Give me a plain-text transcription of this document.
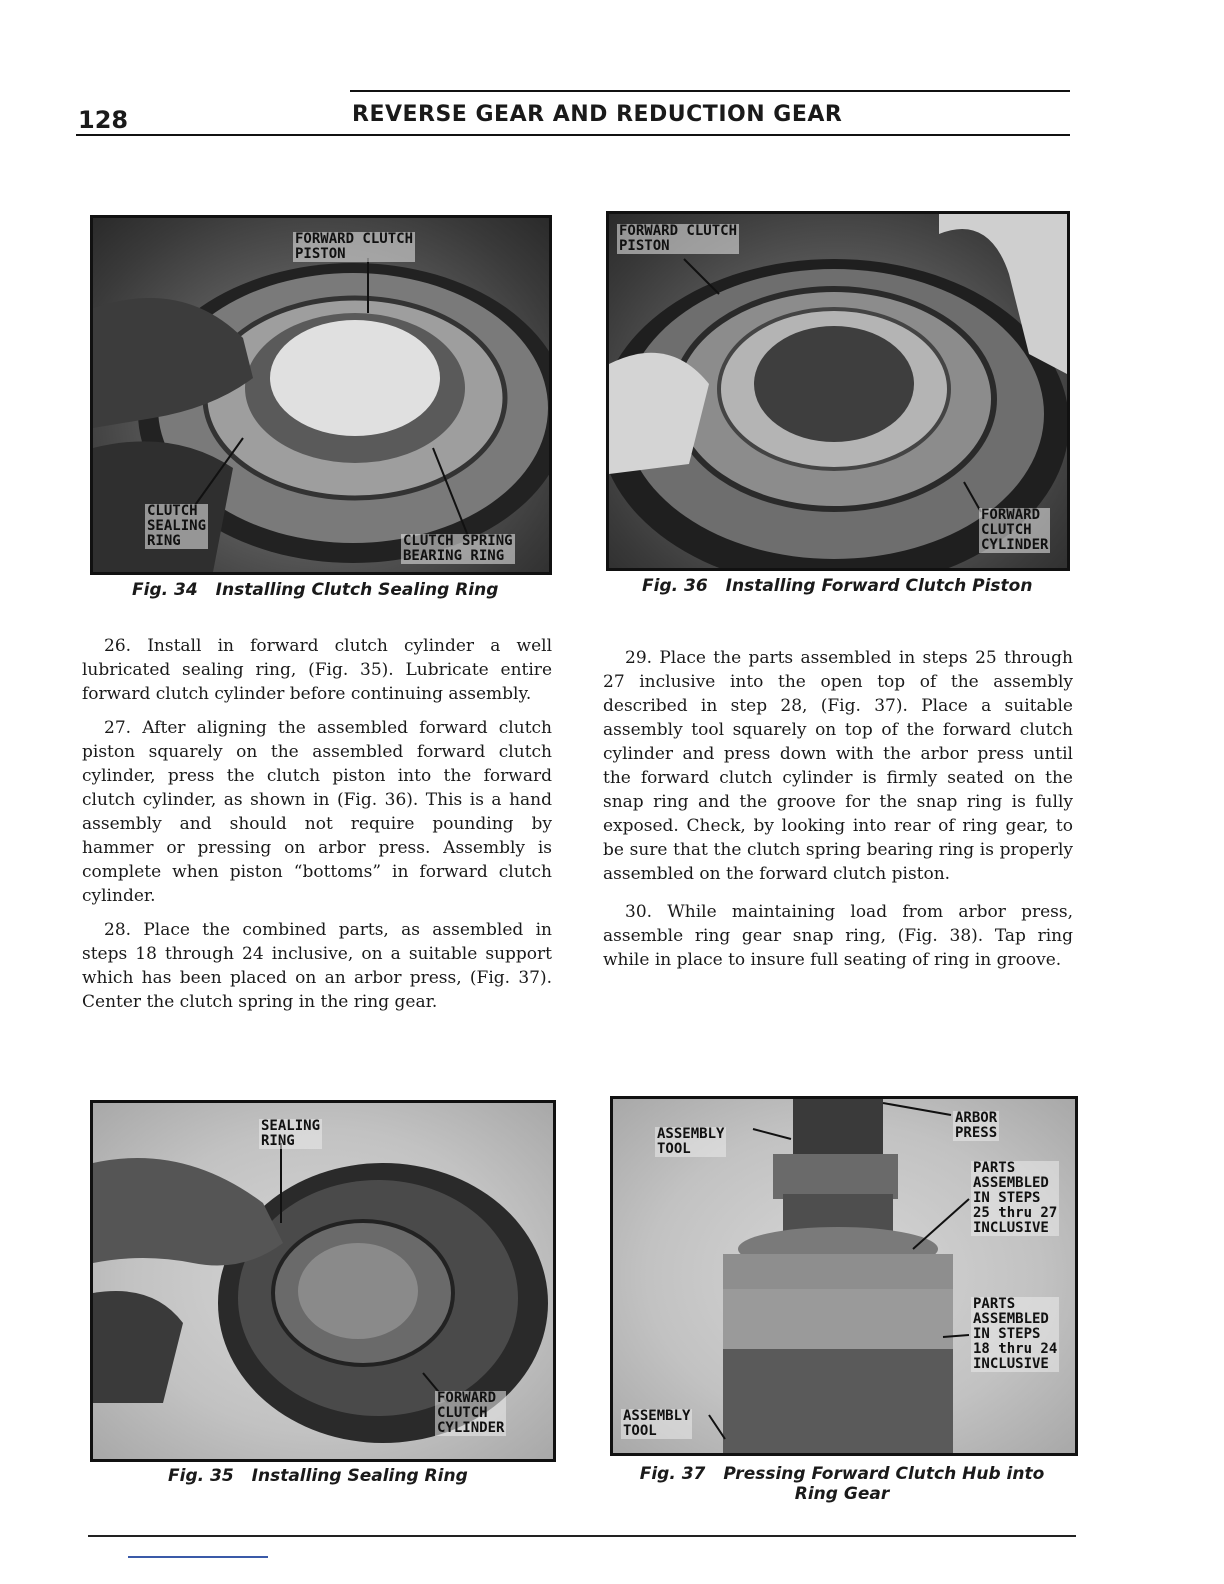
128	REVERSE GEAR AND REDUCTION GEAR
FORWARD CLUTCH
PISTON
CLUTCH
SEALING
RING	CLUTCH SPRING
BEARING RING
Fig. 34 Installing Clutch Sealing Ring
FORWARD CLUTCH
PISTON
FORWARD
CLUTCH
CYLINDER
Fig. 36 Installing Forward Clutch Piston

26. Install in forward clutch cylinder a well lubricated sealing ring, (Fig. 35). Lubricate entire forward clutch cylinder before continuing assembly.

27. After aligning the assembled forward clutch piston squarely on the assembled forward clutch cylinder, press the clutch piston into the forward clutch cylinder, as shown in (Fig. 36). This is a hand assembly and should not require pounding by hammer or pressing on arbor press. Assembly is complete when piston “bottoms” in forward clutch cylinder.

28. Place the combined parts, as assembled in steps 18 through 24 inclusive, on a suitable support which has been placed on an arbor press, (Fig. 37). Center the clutch spring in the ring gear.

29. Place the parts assembled in steps 25 through 27 inclusive into the open top of the assembly described in step 28, (Fig. 37). Place a suitable assembly tool squarely on top of the forward clutch cylinder and press down with the arbor press until the forward clutch cylinder is firmly seated on the snap ring and the groove for the snap ring is fully exposed. Check, by looking into rear of ring gear, to be sure that the clutch spring bearing ring is properly assembled on the forward clutch piston.

30. While maintaining load from arbor press, assemble ring gear snap ring, (Fig. 38). Tap ring while in place to insure full seating of ring in groove.

SEALING
RING
FORWARD
CLUTCH
CYLINDER
Fig. 35 Installing Sealing Ring
ASSEMBLY
TOOL
ARBOR
PRESS
PARTS
ASSEMBLED
IN STEPS
25 thru 27
INCLUSIVE
PARTS
ASSEMBLED
IN STEPS
18 thru 24
INCLUSIVE
ASSEMBLY
TOOL
Fig. 37 Pressing Forward Clutch Hub into
Ring Gear
